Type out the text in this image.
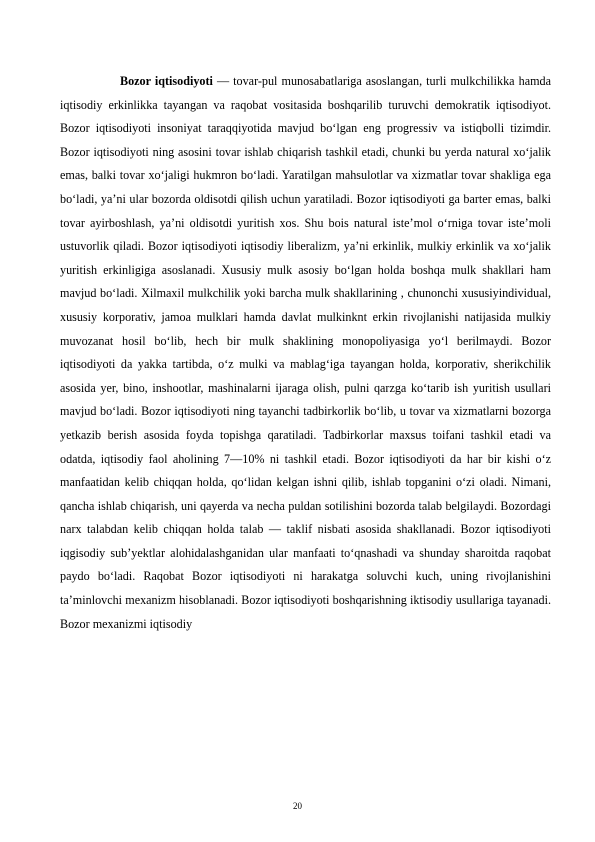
Bozor iqtisodiyoti — tovar-pul munosabatlariga asoslangan, turli mulkchilikka hamda iqtisodiy erkinlikka tayangan va raqobat vositasida boshqarilib turuvchi demokratik iqtisodiyot. Bozor iqtisodiyoti insoniyat taraqqiyotida mavjud bo‘lgan eng progressiv va istiqbolli tizimdir. Bozor iqtisodiyoti ning asosini tovar ishlab chiqarish tashkil etadi, chunki bu yerda natural xo‘jalik emas, balki tovar xo‘jaligi hukmron bo‘ladi. Yaratilgan mahsulotlar va xizmatlar tovar shakliga ega bo‘ladi, ya’ni ular bozorda oldisotdi qilish uchun yaratiladi. Bozor iqtisodiyoti ga barter emas, balki tovar ayirboshlash, ya’ni oldisotdi yuritish xos. Shu bois natural iste’mol o‘rniga tovar iste’moli ustuvorlik qiladi. Bozor iqtisodiyoti iqtisodiy liberalizm, ya’ni erkinlik, mulkiy erkinlik va xo‘jalik yuritish erkinligiga asoslanadi. Xususiy mulk asosiy bo‘lgan holda boshqa mulk shakllari ham mavjud bo‘ladi. Xilmaxil mulkchilik yoki barcha mulk shakllarining , chunonchi xususiyindividual, xususiy korporativ, jamoa mulklari hamda davlat mulkinknt erkin rivojlanishi natijasida mulkiy muvozanat hosil bo‘lib, hech bir mulk shaklining monopoliyasiga yo‘l berilmaydi. Bozor iqtisodiyoti da yakka tartibda, o‘z mulki va mablag‘iga tayangan holda, korporativ, sherikchilik asosida yer, bino, inshootlar, mashinalarni ijaraga olish, pulni qarzga ko‘tarib ish yuritish usullari mavjud bo‘ladi. Bozor iqtisodiyoti ning tayanchi tadbirkorlik bo‘lib, u tovar va xizmatlarni bozorga yetkazib berish asosida foyda topishga qaratiladi. Tadbirkorlar maxsus toifani tashkil etadi va odatda, iqtisodiy faol aholining 7—10% ni tashkil etadi. Bozor iqtisodiyoti da har bir kishi o‘z manfaatidan kelib chiqqan holda, qo‘lidan kelgan ishni qilib, ishlab topganini o‘zi oladi. Nimani, qancha ishlab chiqarish, uni qayerda va necha puldan sotilishini bozorda talab belgilaydi. Bozordagi narx talabdan kelib chiqqan holda talab — taklif nisbati asosida shakllanadi. Bozor iqtisodiyoti iqgisodiy sub’yektlar alohidalashganidan ular manfaati to‘qnashadi va shunday sharoitda raqobat paydo bo‘ladi. Raqobat Bozor iqtisodiyoti ni harakatga soluvchi kuch, uning rivojlanishini ta’minlovchi mexanizm hisoblanadi. Bozor iqtisodiyoti boshqarishning iktisodiy usullariga tayanadi. Bozor mexanizmi iqtisodiy

20
